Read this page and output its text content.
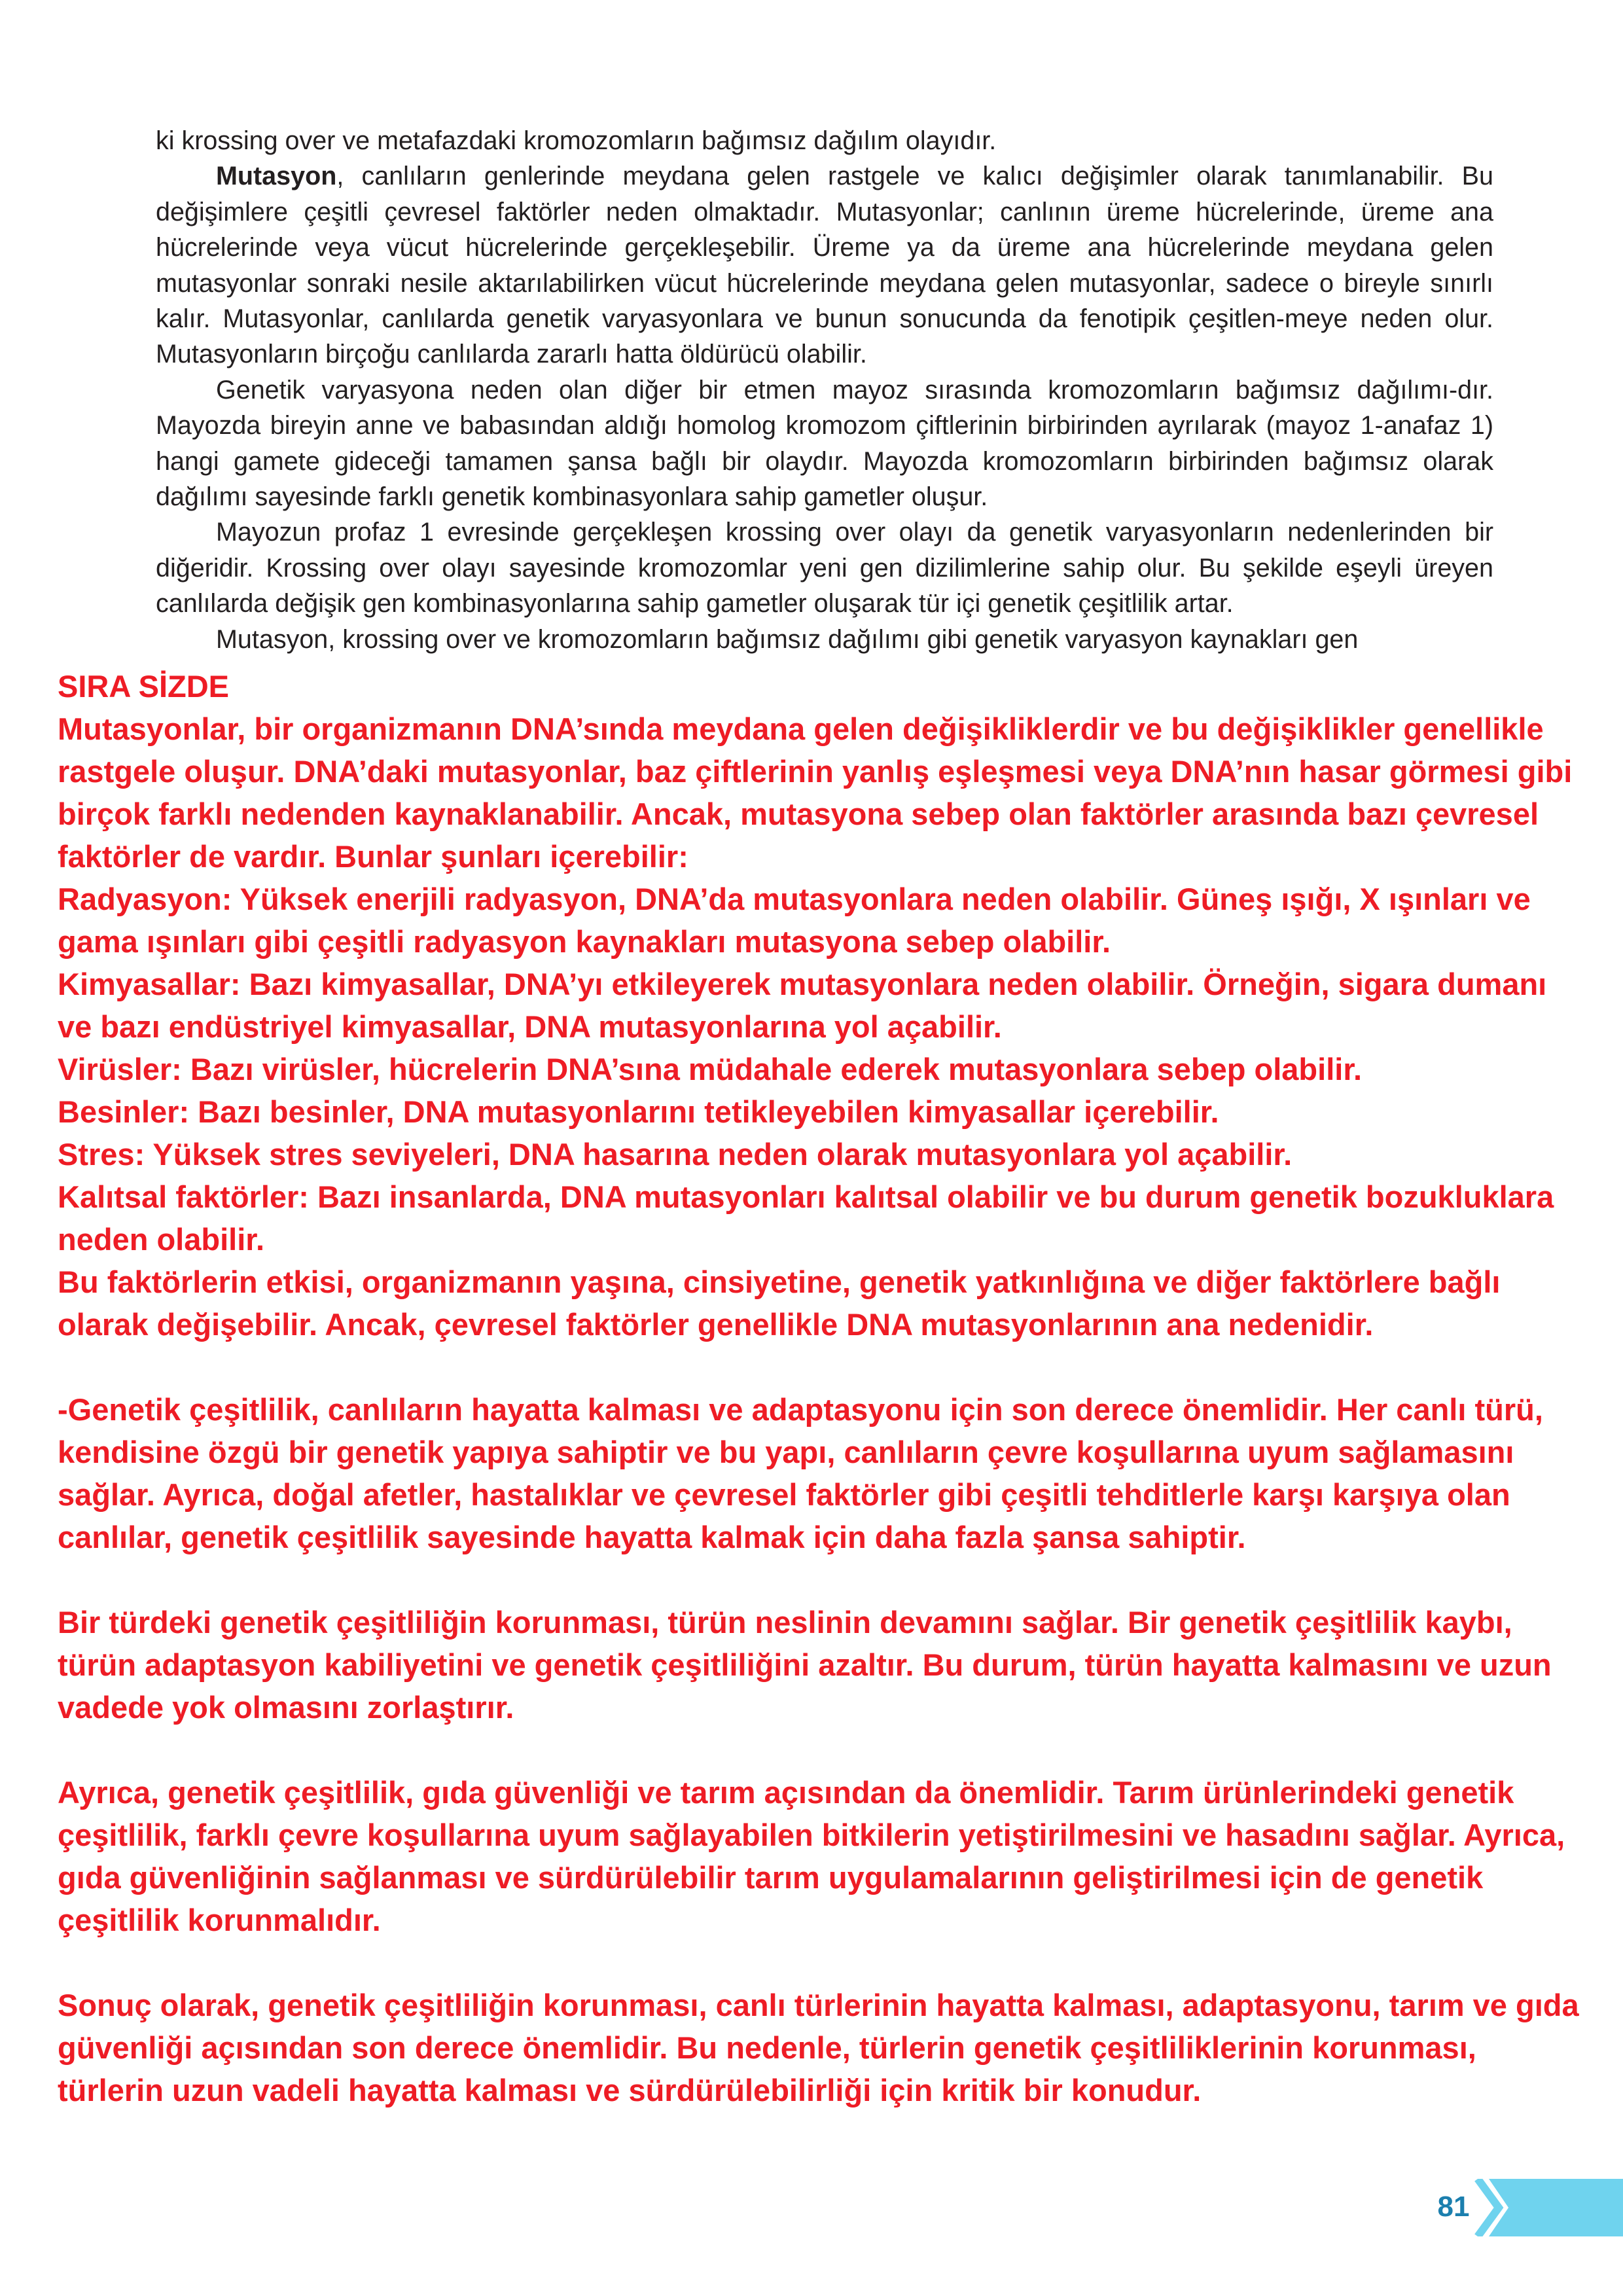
ki krossing over ve metafazdaki kromozomların bağımsız dağılım olayıdır.

Mutasyon, canlıların genlerinde meydana gelen rastgele ve kalıcı değişimler olarak tanımlanabilir. Bu değişimlere çeşitli çevresel faktörler neden olmaktadır. Mutasyonlar; canlının üreme hücrelerinde, üreme ana hücrelerinde veya vücut hücrelerinde gerçekleşebilir. Üreme ya da üreme ana hücrelerinde meydana gelen mutasyonlar sonraki nesile aktarılabilirken vücut hücrelerinde meydana gelen mutasyonlar, sadece o bireyle sınırlı kalır. Mutasyonlar, canlılarda genetik varyasyonlara ve bunun sonucunda da fenotipik çeşitlen-meye neden olur. Mutasyonların birçoğu canlılarda zararlı hatta öldürücü olabilir.

Genetik varyasyona neden olan diğer bir etmen mayoz sırasında kromozomların bağımsız dağılımı-dır. Mayozda bireyin anne ve babasından aldığı homolog kromozom çiftlerinin birbirinden ayrılarak (mayoz 1-anafaz 1) hangi gamete gideceği tamamen şansa bağlı bir olaydır. Mayozda kromozomların birbirinden bağımsız olarak dağılımı sayesinde farklı genetik kombinasyonlara sahip gametler oluşur.

Mayozun profaz 1 evresinde gerçekleşen krossing over olayı da genetik varyasyonların nedenlerinden bir diğeridir. Krossing over olayı sayesinde kromozomlar yeni gen dizilimlerine sahip olur. Bu şekilde eşeyli üreyen canlılarda değişik gen kombinasyonlarına sahip gametler oluşarak tür içi genetik çeşitlilik artar.

Mutasyon, krossing over ve kromozomların bağımsız dağılımı gibi genetik varyasyon kaynakları gen

SIRA SİZDE

Mutasyonlar, bir organizmanın DNA’sında meydana gelen değişikliklerdir ve bu değişiklikler genellikle rastgele oluşur. DNA’daki mutasyonlar, baz çiftlerinin yanlış eşleşmesi veya DNA’nın hasar görmesi gibi birçok farklı nedenden kaynaklanabilir. Ancak, mutasyona sebep olan faktörler arasında bazı çevresel faktörler de vardır. Bunlar şunları içerebilir:

Radyasyon: Yüksek enerjili radyasyon, DNA’da mutasyonlara neden olabilir. Güneş ışığı, X ışınları ve gama ışınları gibi çeşitli radyasyon kaynakları mutasyona sebep olabilir.

Kimyasallar: Bazı kimyasallar, DNA’yı etkileyerek mutasyonlara neden olabilir. Örneğin, sigara dumanı ve bazı endüstriyel kimyasallar, DNA mutasyonlarına yol açabilir.

Virüsler: Bazı virüsler, hücrelerin DNA’sına müdahale ederek mutasyonlara sebep olabilir.

Besinler: Bazı besinler, DNA mutasyonlarını tetikleyebilen kimyasallar içerebilir.

Stres: Yüksek stres seviyeleri, DNA hasarına neden olarak mutasyonlara yol açabilir.

Kalıtsal faktörler: Bazı insanlarda, DNA mutasyonları kalıtsal olabilir ve bu durum genetik bozukluklara neden olabilir.

Bu faktörlerin etkisi, organizmanın yaşına, cinsiyetine, genetik yatkınlığına ve diğer faktörlere bağlı olarak değişebilir. Ancak, çevresel faktörler genellikle DNA mutasyonlarının ana nedenidir.

-Genetik çeşitlilik, canlıların hayatta kalması ve adaptasyonu için son derece önemlidir. Her canlı türü, kendisine özgü bir genetik yapıya sahiptir ve bu yapı, canlıların çevre koşullarına uyum sağlamasını sağlar. Ayrıca, doğal afetler, hastalıklar ve çevresel faktörler gibi çeşitli tehditlerle karşı karşıya olan canlılar, genetik çeşitlilik sayesinde hayatta kalmak için daha fazla şansa sahiptir.

Bir türdeki genetik çeşitliliğin korunması, türün neslinin devamını sağlar. Bir genetik çeşitlilik kaybı, türün adaptasyon kabiliyetini ve genetik çeşitliliğini azaltır. Bu durum, türün hayatta kalmasını ve uzun vadede yok olmasını zorlaştırır.

Ayrıca, genetik çeşitlilik, gıda güvenliği ve tarım açısından da önemlidir. Tarım ürünlerindeki genetik çeşitlilik, farklı çevre koşullarına uyum sağlayabilen bitkilerin yetiştirilmesini ve hasadını sağlar. Ayrıca, gıda güvenliğinin sağlanması ve sürdürülebilir tarım uygulamalarının geliştirilmesi için de genetik çeşitlilik korunmalıdır.

Sonuç olarak, genetik çeşitliliğin korunması, canlı türlerinin hayatta kalması, adaptasyonu, tarım ve gıda güvenliği açısından son derece önemlidir. Bu nedenle, türlerin genetik çeşitliliklerinin korunması, türlerin uzun vadeli hayatta kalması ve sürdürülebilirliği için kritik bir konudur.

81
